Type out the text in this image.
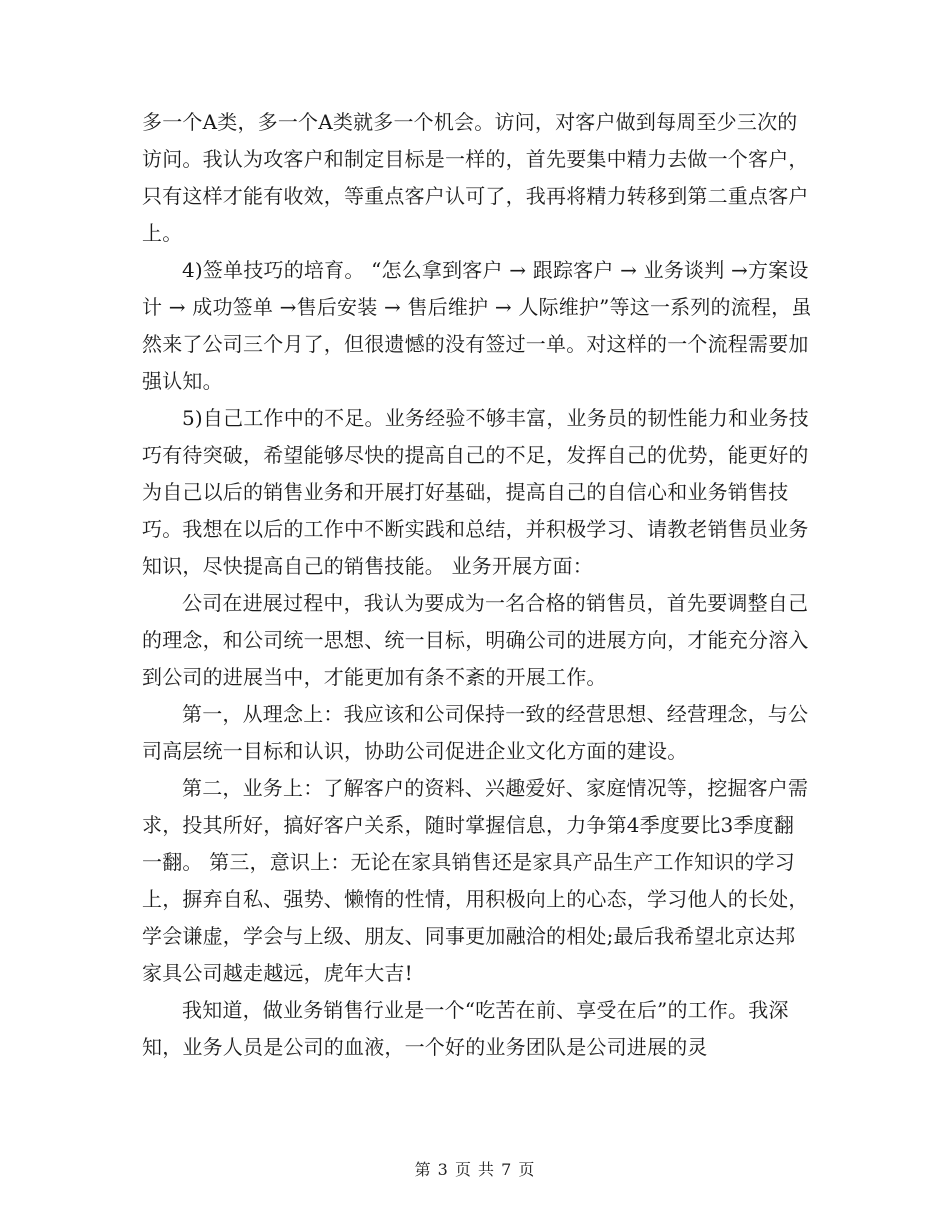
多一个A类，多一个A类就多一个机会。访问，对客户做到每周至少三次的访问。我认为攻客户和制定目标是一样的，首先要集中精力去做一个客户，只有这样才能有收效，等重点客户认可了，我再将精力转移到第二重点客户上。

4)签单技巧的培育。 “怎么拿到客户 → 跟踪客户 → 业务谈判 →方案设计 → 成功签单 →售后安装 → 售后维护 → 人际维护”等这一系列的流程，虽然来了公司三个月了，但很遗憾的没有签过一单。对这样的一个流程需要加强认知。

5)自己工作中的不足。业务经验不够丰富，业务员的韧性能力和业务技巧有待突破，希望能够尽快的提高自己的不足，发挥自己的优势，能更好的为自己以后的销售业务和开展打好基础，提高自己的自信心和业务销售技巧。我想在以后的工作中不断实践和总结，并积极学习、请教老销售员业务知识，尽快提高自己的销售技能。 业务开展方面：

公司在进展过程中，我认为要成为一名合格的销售员，首先要调整自己的理念，和公司统一思想、统一目标，明确公司的进展方向，才能充分溶入到公司的进展当中，才能更加有条不紊的开展工作。

第一，从理念上：我应该和公司保持一致的经营思想、经营理念，与公司高层统一目标和认识，协助公司促进企业文化方面的建设。

第二，业务上：了解客户的资料、兴趣爱好、家庭情况等，挖掘客户需求，投其所好，搞好客户关系，随时掌握信息，力争第4季度要比3季度翻一翻。 第三，意识上：无论在家具销售还是家具产品生产工作知识的学习上，摒弃自私、强势、懒惰的性情，用积极向上的心态，学习他人的长处，学会谦虚，学会与上级、朋友、同事更加融洽的相处;最后我希望北京达邦家具公司越走越远，虎年大吉!

我知道，做业务销售行业是一个“吃苦在前、享受在后”的工作。我深知，业务人员是公司的血液，一个好的业务团队是公司进展的灵

第 3 页 共 7 页
